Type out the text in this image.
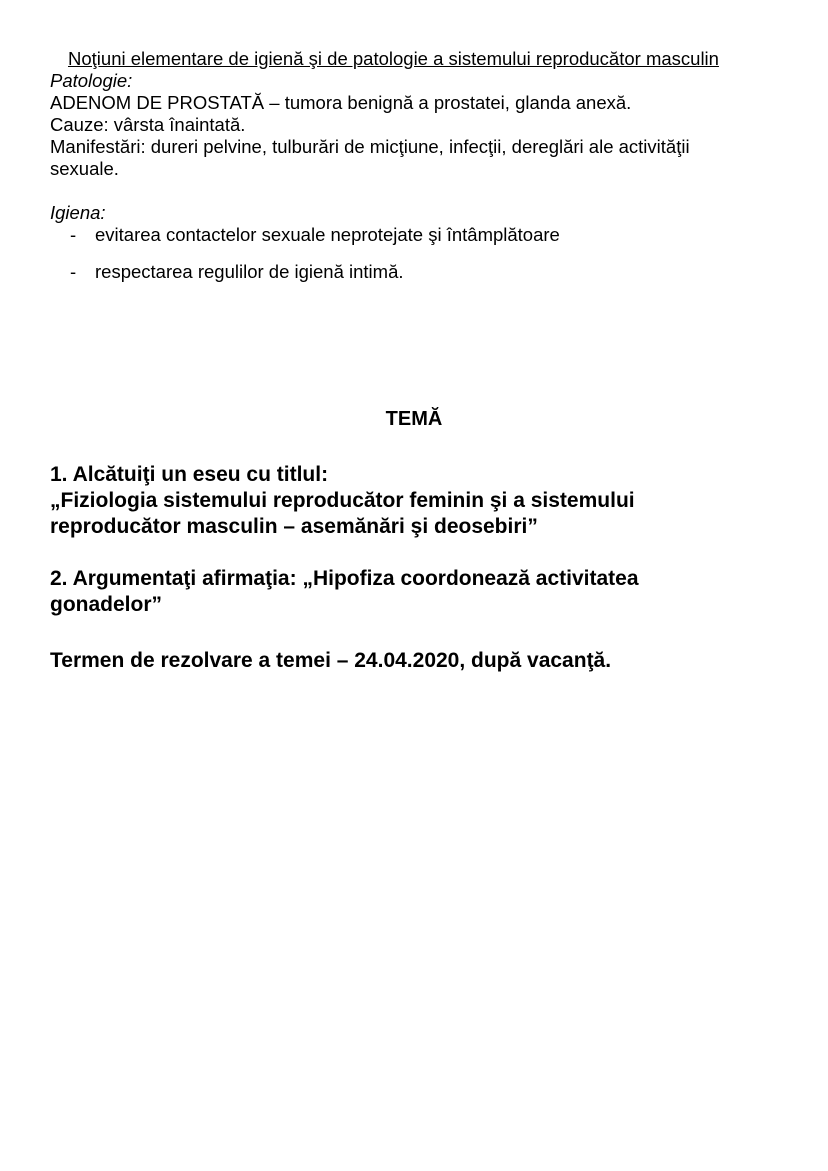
Noţiuni elementare de igienă şi de patologie a sistemului reproducător masculin

Patologie:

ADENOM DE PROSTATĂ – tumora benignă a prostatei, glanda anexă.

Cauze: vârsta înaintată.

Manifestări: dureri pelvine, tulburări de micţiune, infecţii, dereglări ale activităţii

sexuale.

Igiena:

- evitarea contactelor sexuale neprotejate şi întâmplătoare
- respectarea regulilor de igienă intimă.
TEMĂ

1. Alcătuiţi un eseu cu titlul:

„Fiziologia sistemului reproducător feminin şi a sistemului

reproducător masculin – asemănări şi deosebiri”

2. Argumentaţi afirmaţia: „Hipofiza coordonează activitatea

gonadelor”

Termen de rezolvare a temei – 24.04.2020, după vacanţă.
